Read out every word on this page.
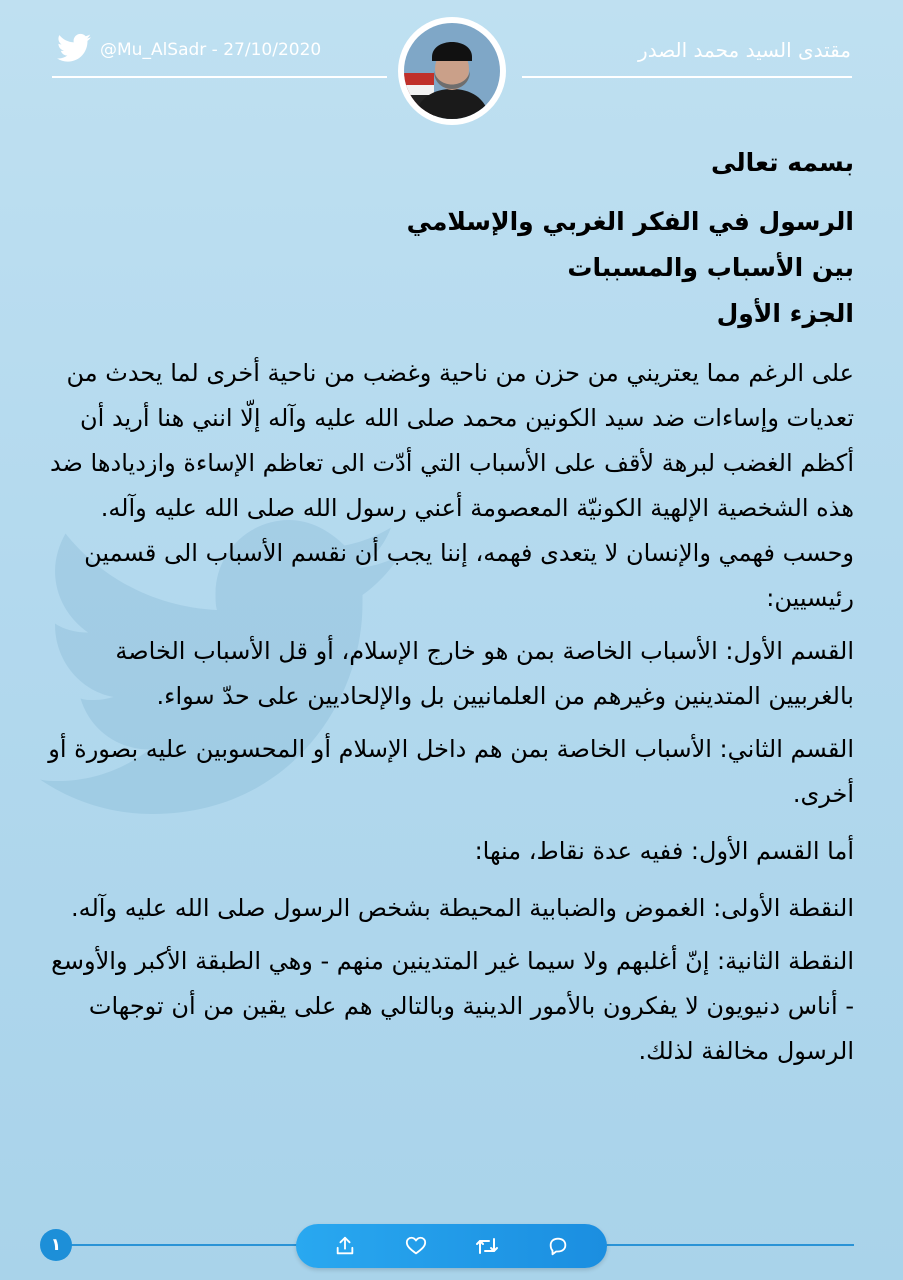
@Mu_AlSadr - 27/10/2020	مقتدى السيد محمد الصدر

بسمه تعالى

الرسول في الفكر الغربي والإسلامي

بين الأسباب والمسببات

الجزء الأول

على الرغم مما يعتريني من حزن من ناحية وغضب من ناحية أخرى لما يحدث من تعديات وإساءات ضد سيد الكونين محمد صلى الله عليه وآله إلّا انني هنا أريد أن أكظم الغضب لبرهة لأقف على الأسباب التي أدّت الى تعاظم الإساءة وازديادها ضد هذه الشخصية الإلهية الكونيّة المعصومة أعني رسول الله صلى الله عليه وآله.

وحسب فهمي والإنسان لا يتعدى فهمه، إننا يجب أن نقسم الأسباب الى قسمين رئيسيين:

القسم الأول: الأسباب الخاصة بمن هو خارج الإسلام، أو قل الأسباب الخاصة بالغربيين المتدينين وغيرهم من العلمانيين بل والإلحاديين على حدّ سواء.

القسم الثاني: الأسباب الخاصة بمن هم داخل الإسلام أو المحسوبين عليه بصورة أو أخرى.

أما القسم الأول: ففيه عدة نقاط، منها:

النقطة الأولى: الغموض والضبابية المحيطة بشخص الرسول صلى الله عليه وآله.

النقطة الثانية: إنّ أغلبهم ولا سيما غير المتدينين منهم - وهي الطبقة الأكبر والأوسع - أناس دنيويون لا يفكرون بالأمور الدينية وبالتالي هم على يقين من أن توجهات الرسول مخالفة لذلك.

١
